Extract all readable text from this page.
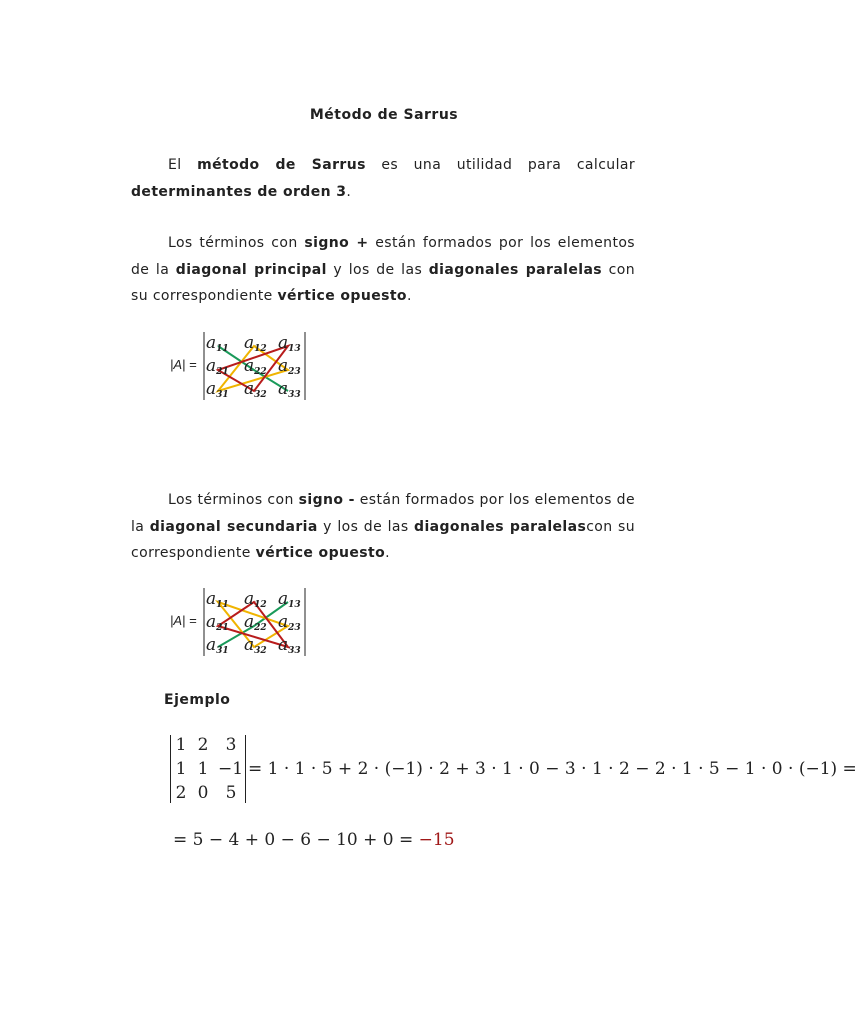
Método de Sarrus
El método de Sarrus es una utilidad para calcular determinantes de orden 3.
Los términos con signo + están formados por los elementos de la diagonal principal y los de las diagonales paralelas con su correspondiente vértice opuesto.
|A| =
a11 a12 a13
a21 a22 a23
a31 a32 a33
Los términos con signo - están formados por los elementos de la diagonal secundaria y los de las diagonales paralelascon su correspondiente vértice opuesto.
|A| =
a11 a12 a13
a21 a22 a23
a31 a32 a33
Ejemplo
1 2	3
1 1 −1
2 0	5
= 1 · 1 · 5 + 2 · (−1) · 2 + 3 · 1 · 0 − 3 · 1 · 2 − 2 · 1 · 5 − 1 · 0 · (−1) =
= 5 − 4 + 0 − 6 − 10 + 0 = −15
